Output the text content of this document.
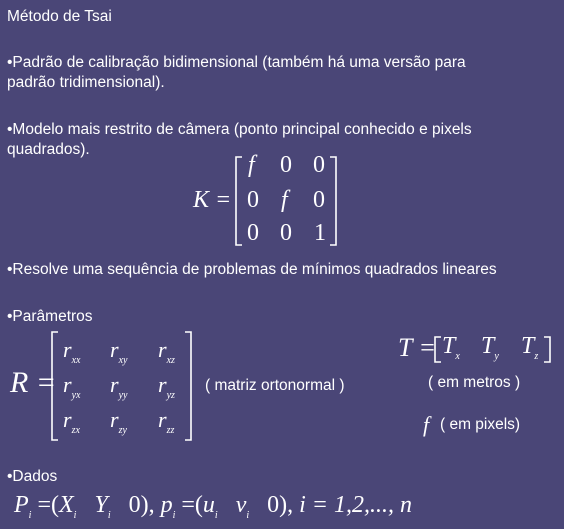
Método de Tsai
•Padrão de calibração bidimensional (também há uma versão para
padrão tridimensional).
•Modelo mais restrito de câmera (ponto principal conhecido e pixels
quadrados).
K =
f 0 0
0 f 0
0 0 1
•Resolve uma sequência de problemas de mínimos quadrados lineares
•Parâmetros
R =
$r_{xx}$ $r_{xy}$ $r_{xz}$
$r_{yx}$ $r_{yy}$ $r_{yz}$
$r_{zx}$ $r_{zy}$ $r_{zz}$
( matriz ortonormal )
$T = T_x$ $T_y$ $T_z$
( em metros )
f ( em pixels)
•Dados
$P_i =(X_i$ $Y_i$ 0), $p_i =(u_i$ $v_i$ 0), i = 1,2,..., n
